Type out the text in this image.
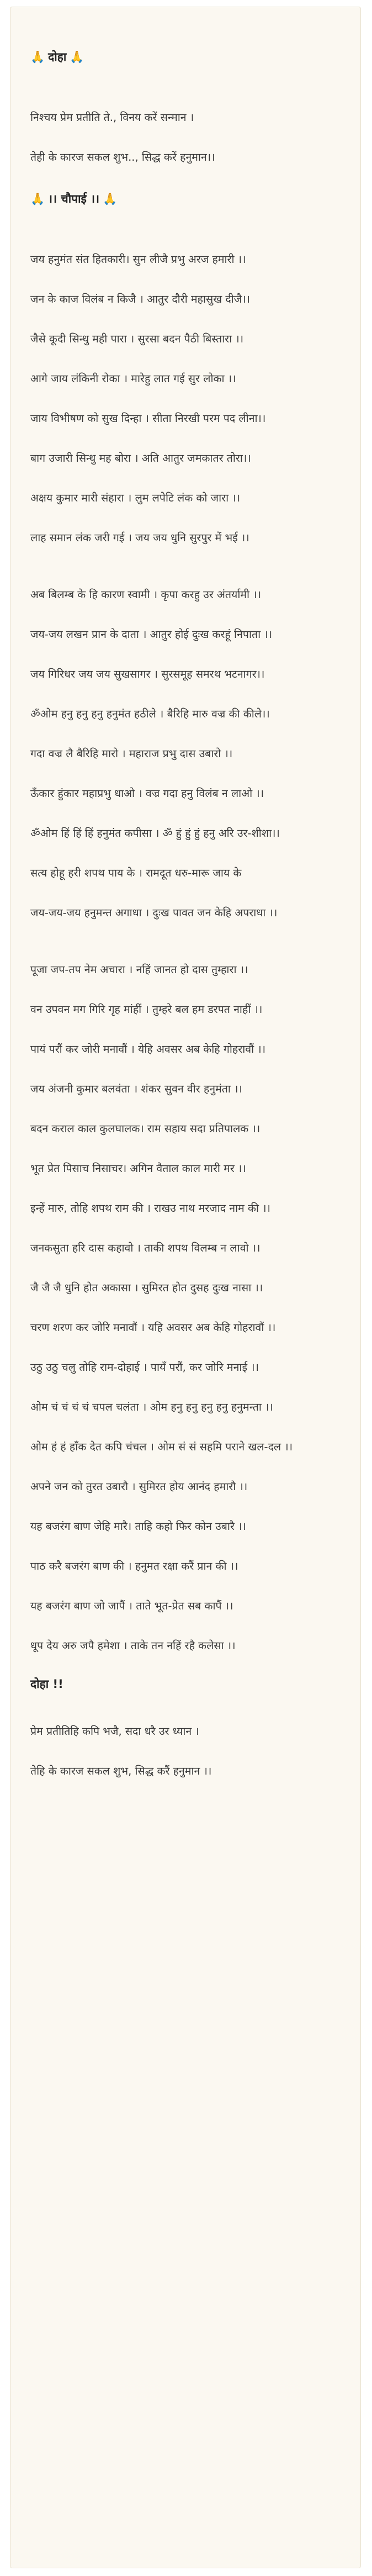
🙏 दोहा 🙏
निश्चय प्रेम प्रतीति ते., विनय करें सन्मान ।
तेही के कारज सकल शुभ.., सिद्ध करें हनुमान।।
🙏 ।। चौपाई ।। 🙏
जय हनुमंत संत हितकारी। सुन लीजै प्रभु अरज हमारी ।।
जन के काज विलंब न किजै । आतुर दौरी महासुख दीजै।।
जैसे कूदी सिन्धु मही पारा । सुरसा बदन पैठी बिस्तारा ।।
आगे जाय लंकिनी रोका । मारेहु लात गई सुर लोका ।।
जाय विभीषण को सुख दिन्हा । सीता निरखी परम पद लीना।।
बाग उजारी सिन्धु मह बोरा । अति आतुर जमकातर तोरा।।
अक्षय कुमार मारी संहारा । लुम लपेटि लंक को जारा ।।
लाह समान लंक जरी गई । जय जय धुनि सुरपुर में भई ।।
अब बिलम्ब के हि कारण स्वामी । कृपा करहु उर अंतर्यामी ।।
जय-जय लखन प्रान के दाता । आतुर होई दुःख करहूं निपाता ।।
जय गिरिधर जय जय सुखसागर । सुरसमूह समरथ भटनागर।।
ॐओम हनु हनु हनु हनुमंत हठीले । बैरिहि मारु वज्र की कीले।।
गदा वज्र लै बैरिहि मारो । महाराज प्रभु दास उबारो ।।
ऊँकार हुंकार महाप्रभु धाओ । वज्र गदा हनु विलंब न लाओ ।।
ॐओम हिं हिं हिं हनुमंत कपीसा । ॐ हुं हुं हुं हनु अरि उर-शीशा।।
सत्य होहू हरी शपथ पाय के । रामदूत धरु-मारू जाय के
जय-जय-जय हनुमन्त अगाधा । दुःख पावत जन केहि अपराधा ।।
पूजा जप-तप नेम अचारा । नहिं जानत हो दास तुम्हारा ।।
वन उपवन मग गिरि गृह मांहीं । तुम्हरे बल हम डरपत नाहीं ।।
पायं परौं कर जोरी मनावौं । येहि अवसर अब केहि गोहरावौं ।।
जय अंजनी कुमार बलवंता । शंकर सुवन वीर हनुमंता ।।
बदन कराल काल कुलघालक। राम सहाय सदा प्रतिपालक ।।
भूत प्रेत पिसाच निसाचर। अगिन वैताल काल मारी मर ।।
इन्हें मारु, तोहि शपथ राम की । राखउ नाथ मरजाद नाम की ।।
जनकसुता हरि दास कहावो । ताकी शपथ विलम्ब न लावो ।।
जै जै जै धुनि होत अकासा । सुमिरत होत दुसह दुःख नासा ।।
चरण शरण कर जोरि मनावौं । यहि अवसर अब केहि गोहरावौं ।।
उठु उठु चलु तोहि राम-दोहाई । पायँ परौं, कर जोरि मनाई ।।
ओम चं चं चं चं चपल चलंता । ओम हनु हनु हनु हनु हनुमन्ता ।।
ओम हं हं हाँक देत कपि चंचल । ओम सं सं सहमि पराने खल-दल ।।
अपने जन को तुरत उबारौ । सुमिरत होय आनंद हमारौ ।।
यह बजरंग बाण जेहि मारै। ताहि कहो फिर कोन उबारै ।।
पाठ करै बजरंग बाण की । हनुमत रक्षा करैं प्रान की ।।
यह बजरंग बाण जो जापैं । ताते भूत-प्रेत सब कापैं ।।
धूप देय अरु जपै हमेशा । ताके तन नहिं रहै कलेसा ।।
दोहा !!
प्रेम प्रतीतिहि कपि भजै, सदा धरै उर ध्यान ।
तेहि के कारज सकल शुभ, सिद्ध करैं हनुमान ।।
